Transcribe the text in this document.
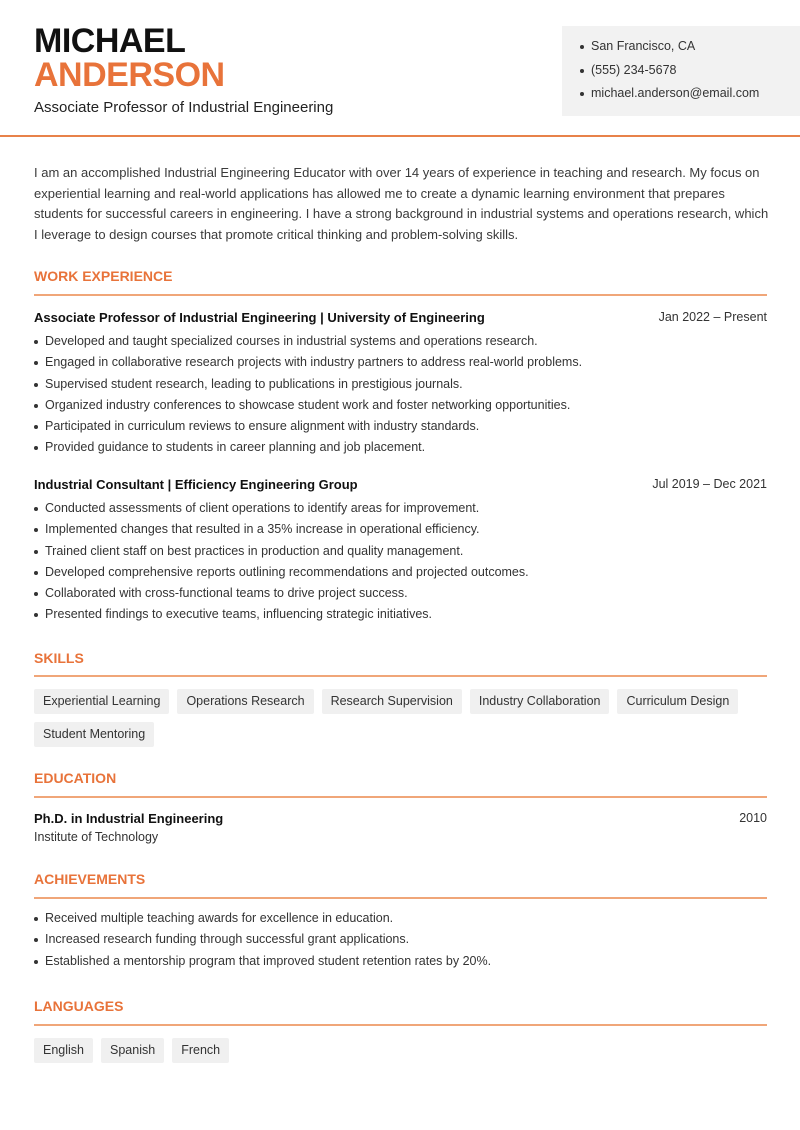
MICHAEL
ANDERSON
Associate Professor of Industrial Engineering
San Francisco, CA
(555) 234-5678
michael.anderson@email.com

I am an accomplished Industrial Engineering Educator with over 14 years of experience in teaching and research. My focus on experiential learning and real-world applications has allowed me to create a dynamic learning environment that prepares students for successful careers in engineering. I have a strong background in industrial systems and operations research, which I leverage to design courses that promote critical thinking and problem-solving skills.

WORK EXPERIENCE
Associate Professor of Industrial Engineering | University of Engineering	Jan 2022 – Present
Developed and taught specialized courses in industrial systems and operations research.
Engaged in collaborative research projects with industry partners to address real-world problems.
Supervised student research, leading to publications in prestigious journals.
Organized industry conferences to showcase student work and foster networking opportunities.
Participated in curriculum reviews to ensure alignment with industry standards.
Provided guidance to students in career planning and job placement.
Industrial Consultant | Efficiency Engineering Group	Jul 2019 – Dec 2021
Conducted assessments of client operations to identify areas for improvement.
Implemented changes that resulted in a 35% increase in operational efficiency.
Trained client staff on best practices in production and quality management.
Developed comprehensive reports outlining recommendations and projected outcomes.
Collaborated with cross-functional teams to drive project success.
Presented findings to executive teams, influencing strategic initiatives.
SKILLS
Experiential Learning	Operations Research	Research Supervision	Industry Collaboration	Curriculum Design
Student Mentoring
EDUCATION
Ph.D. in Industrial Engineering	2010
Institute of Technology
ACHIEVEMENTS
Received multiple teaching awards for excellence in education.
Increased research funding through successful grant applications.
Established a mentorship program that improved student retention rates by 20%.
LANGUAGES
English	Spanish	French
